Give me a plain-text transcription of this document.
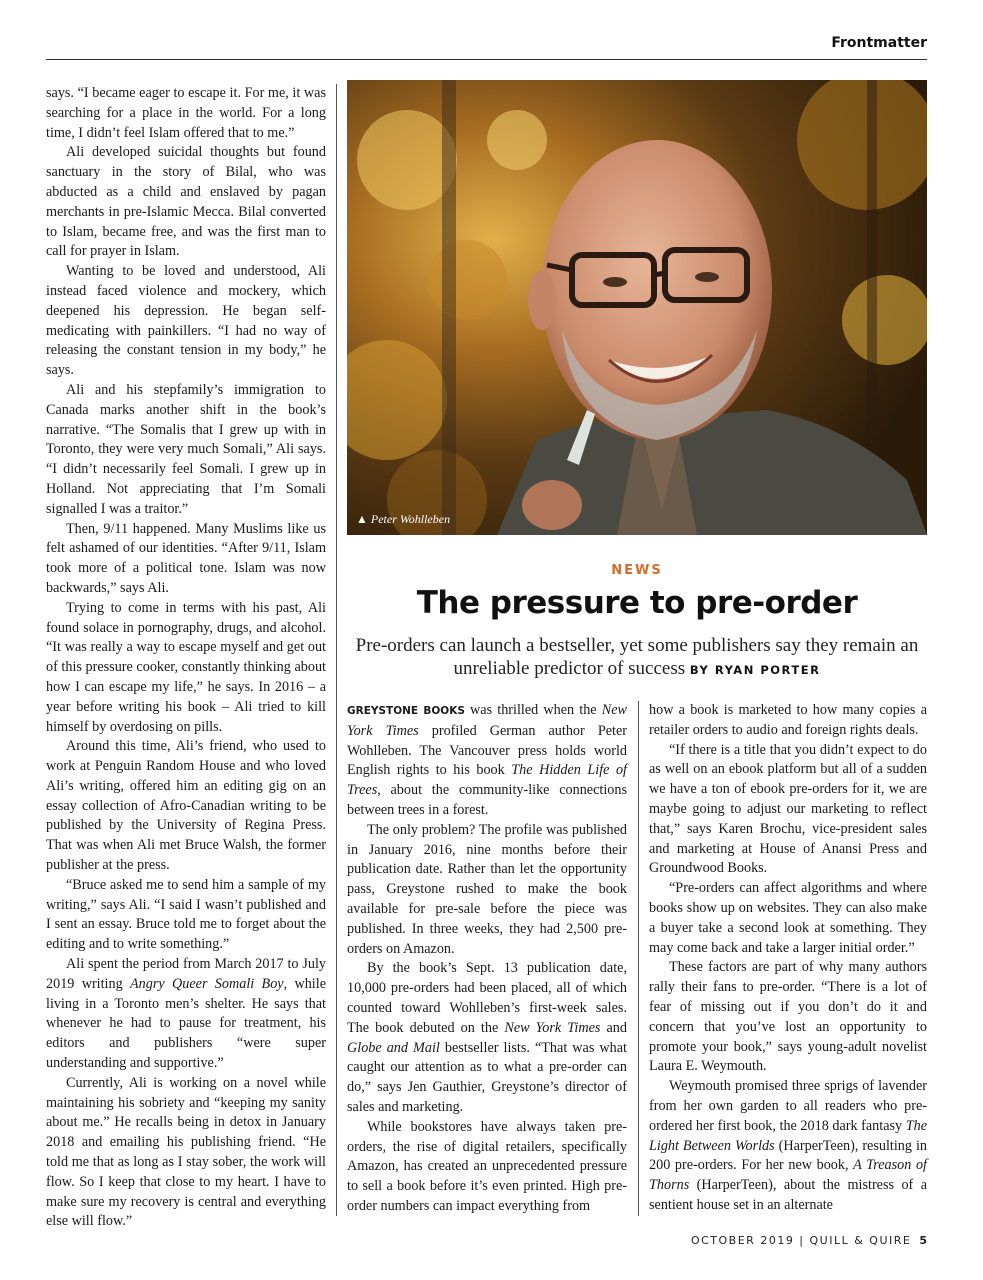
Frontmatter

says. “I became eager to escape it. For me, it was searching for a place in the world. For a long time, I didn’t feel Islam offered that to me.”

Ali developed suicidal thoughts but found sanctuary in the story of Bilal, who was abducted as a child and enslaved by pagan merchants in pre-Islamic Mecca. Bilal converted to Islam, became free, and was the first man to call for prayer in Islam.

Wanting to be loved and understood, Ali instead faced violence and mockery, which deepened his depression. He began self-medicating with painkillers. “I had no way of releasing the constant tension in my body,” he says.

Ali and his stepfamily’s immigration to Canada marks another shift in the book’s narrative. “The Somalis that I grew up with in Toronto, they were very much Somali,” Ali says. “I didn’t necessarily feel Somali. I grew up in Holland. Not appreciating that I’m Somali signalled I was a traitor.”

Then, 9/11 happened. Many Muslims like us felt ashamed of our identities. “After 9/11, Islam took more of a political tone. Islam was now backwards,” says Ali.

Trying to come in terms with his past, Ali found solace in pornography, drugs, and alcohol. “It was really a way to escape myself and get out of this pressure cooker, constantly thinking about how I can escape my life,” he says. In 2016 – a year before writing his book – Ali tried to kill himself by overdosing on pills.

Around this time, Ali’s friend, who used to work at Penguin Random House and who loved Ali’s writing, offered him an editing gig on an essay collection of Afro-Canadian writing to be published by the University of Regina Press. That was when Ali met Bruce Walsh, the former publisher at the press.

“Bruce asked me to send him a sample of my writing,” says Ali. “I said I wasn’t published and I sent an essay. Bruce told me to forget about the editing and to write something.”

Ali spent the period from March 2017 to July 2019 writing Angry Queer Somali Boy, while living in a Toronto men’s shelter. He says that whenever he had to pause for treatment, his editors and publishers “were super understanding and supportive.”

Currently, Ali is working on a novel while maintaining his sobriety and “keeping my sanity about me.” He recalls being in detox in January 2018 and emailing his publishing friend. “He told me that as long as I stay sober, the work will flow. So I keep that close to my heart. I have to make sure my recovery is central and everything else will flow.”

▲ Peter Wohlleben
NEWS
The pressure to pre-order
Pre-orders can launch a bestseller, yet some publishers say they remain an unreliable predictor of success BY RYAN PORTER

GREYSTONE BOOKS was thrilled when the New York Times profiled German author Peter Wohlleben. The Vancouver press holds world English rights to his book The Hidden Life of Trees, about the community-like connections between trees in a forest.

The only problem? The profile was published in January 2016, nine months before their publication date. Rather than let the opportunity pass, Greystone rushed to make the book available for pre-sale before the piece was published. In three weeks, they had 2,500 pre-orders on Amazon.

By the book’s Sept. 13 publication date, 10,000 pre-orders had been placed, all of which counted toward Wohlleben’s first-week sales. The book debuted on the New York Times and Globe and Mail bestseller lists. “That was what caught our attention as to what a pre-order can do,” says Jen Gauthier, Greystone’s director of sales and marketing.

While bookstores have always taken pre-orders, the rise of digital retailers, specifically Amazon, has created an unprecedented pressure to sell a book before it’s even printed. High pre-order numbers can impact everything from

how a book is marketed to how many copies a retailer orders to audio and foreign rights deals.

“If there is a title that you didn’t expect to do as well on an ebook platform but all of a sudden we have a ton of ebook pre-orders for it, we are maybe going to adjust our marketing to reflect that,” says Karen Brochu, vice-president sales and marketing at House of Anansi Press and Groundwood Books.

“Pre-orders can affect algorithms and where books show up on websites. They can also make a buyer take a second look at something. They may come back and take a larger initial order.”

These factors are part of why many authors rally their fans to pre-order. “There is a lot of fear of missing out if you don’t do it and concern that you’ve lost an opportunity to promote your book,” says young-adult novelist Laura E. Weymouth.

Weymouth promised three sprigs of lavender from her own garden to all readers who pre-ordered her first book, the 2018 dark fantasy The Light Between Worlds (HarperTeen), resulting in 200 pre-orders. For her new book, A Treason of Thorns (HarperTeen), about the mistress of a sentient house set in an alternate

OCTOBER 2019 | QUILL & QUIRE 5
